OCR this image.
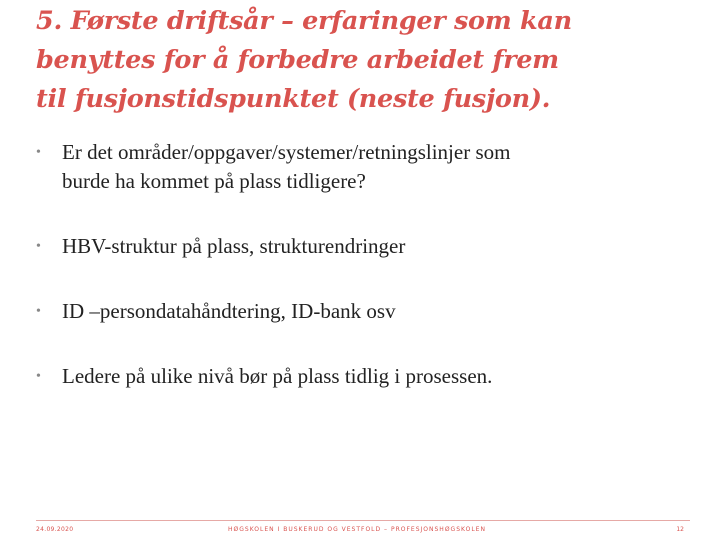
5. Første driftsår – erfaringer som kan
benyttes for å forbedre arbeidet frem
til fusjonstidspunktet (neste fusjon).
• Er det områder/oppgaver/systemer/retningslinjer som
burde ha kommet på plass tidligere?
• HBV-struktur på plass, strukturendringer
• ID –persondatahåndtering, ID-bank osv
• Ledere på ulike nivå bør på plass tidlig i prosessen.
24.09.2020	HØGSKOLEN I BUSKERUD OG VESTFOLD – PROFESJONSHØGSKOLEN	12
